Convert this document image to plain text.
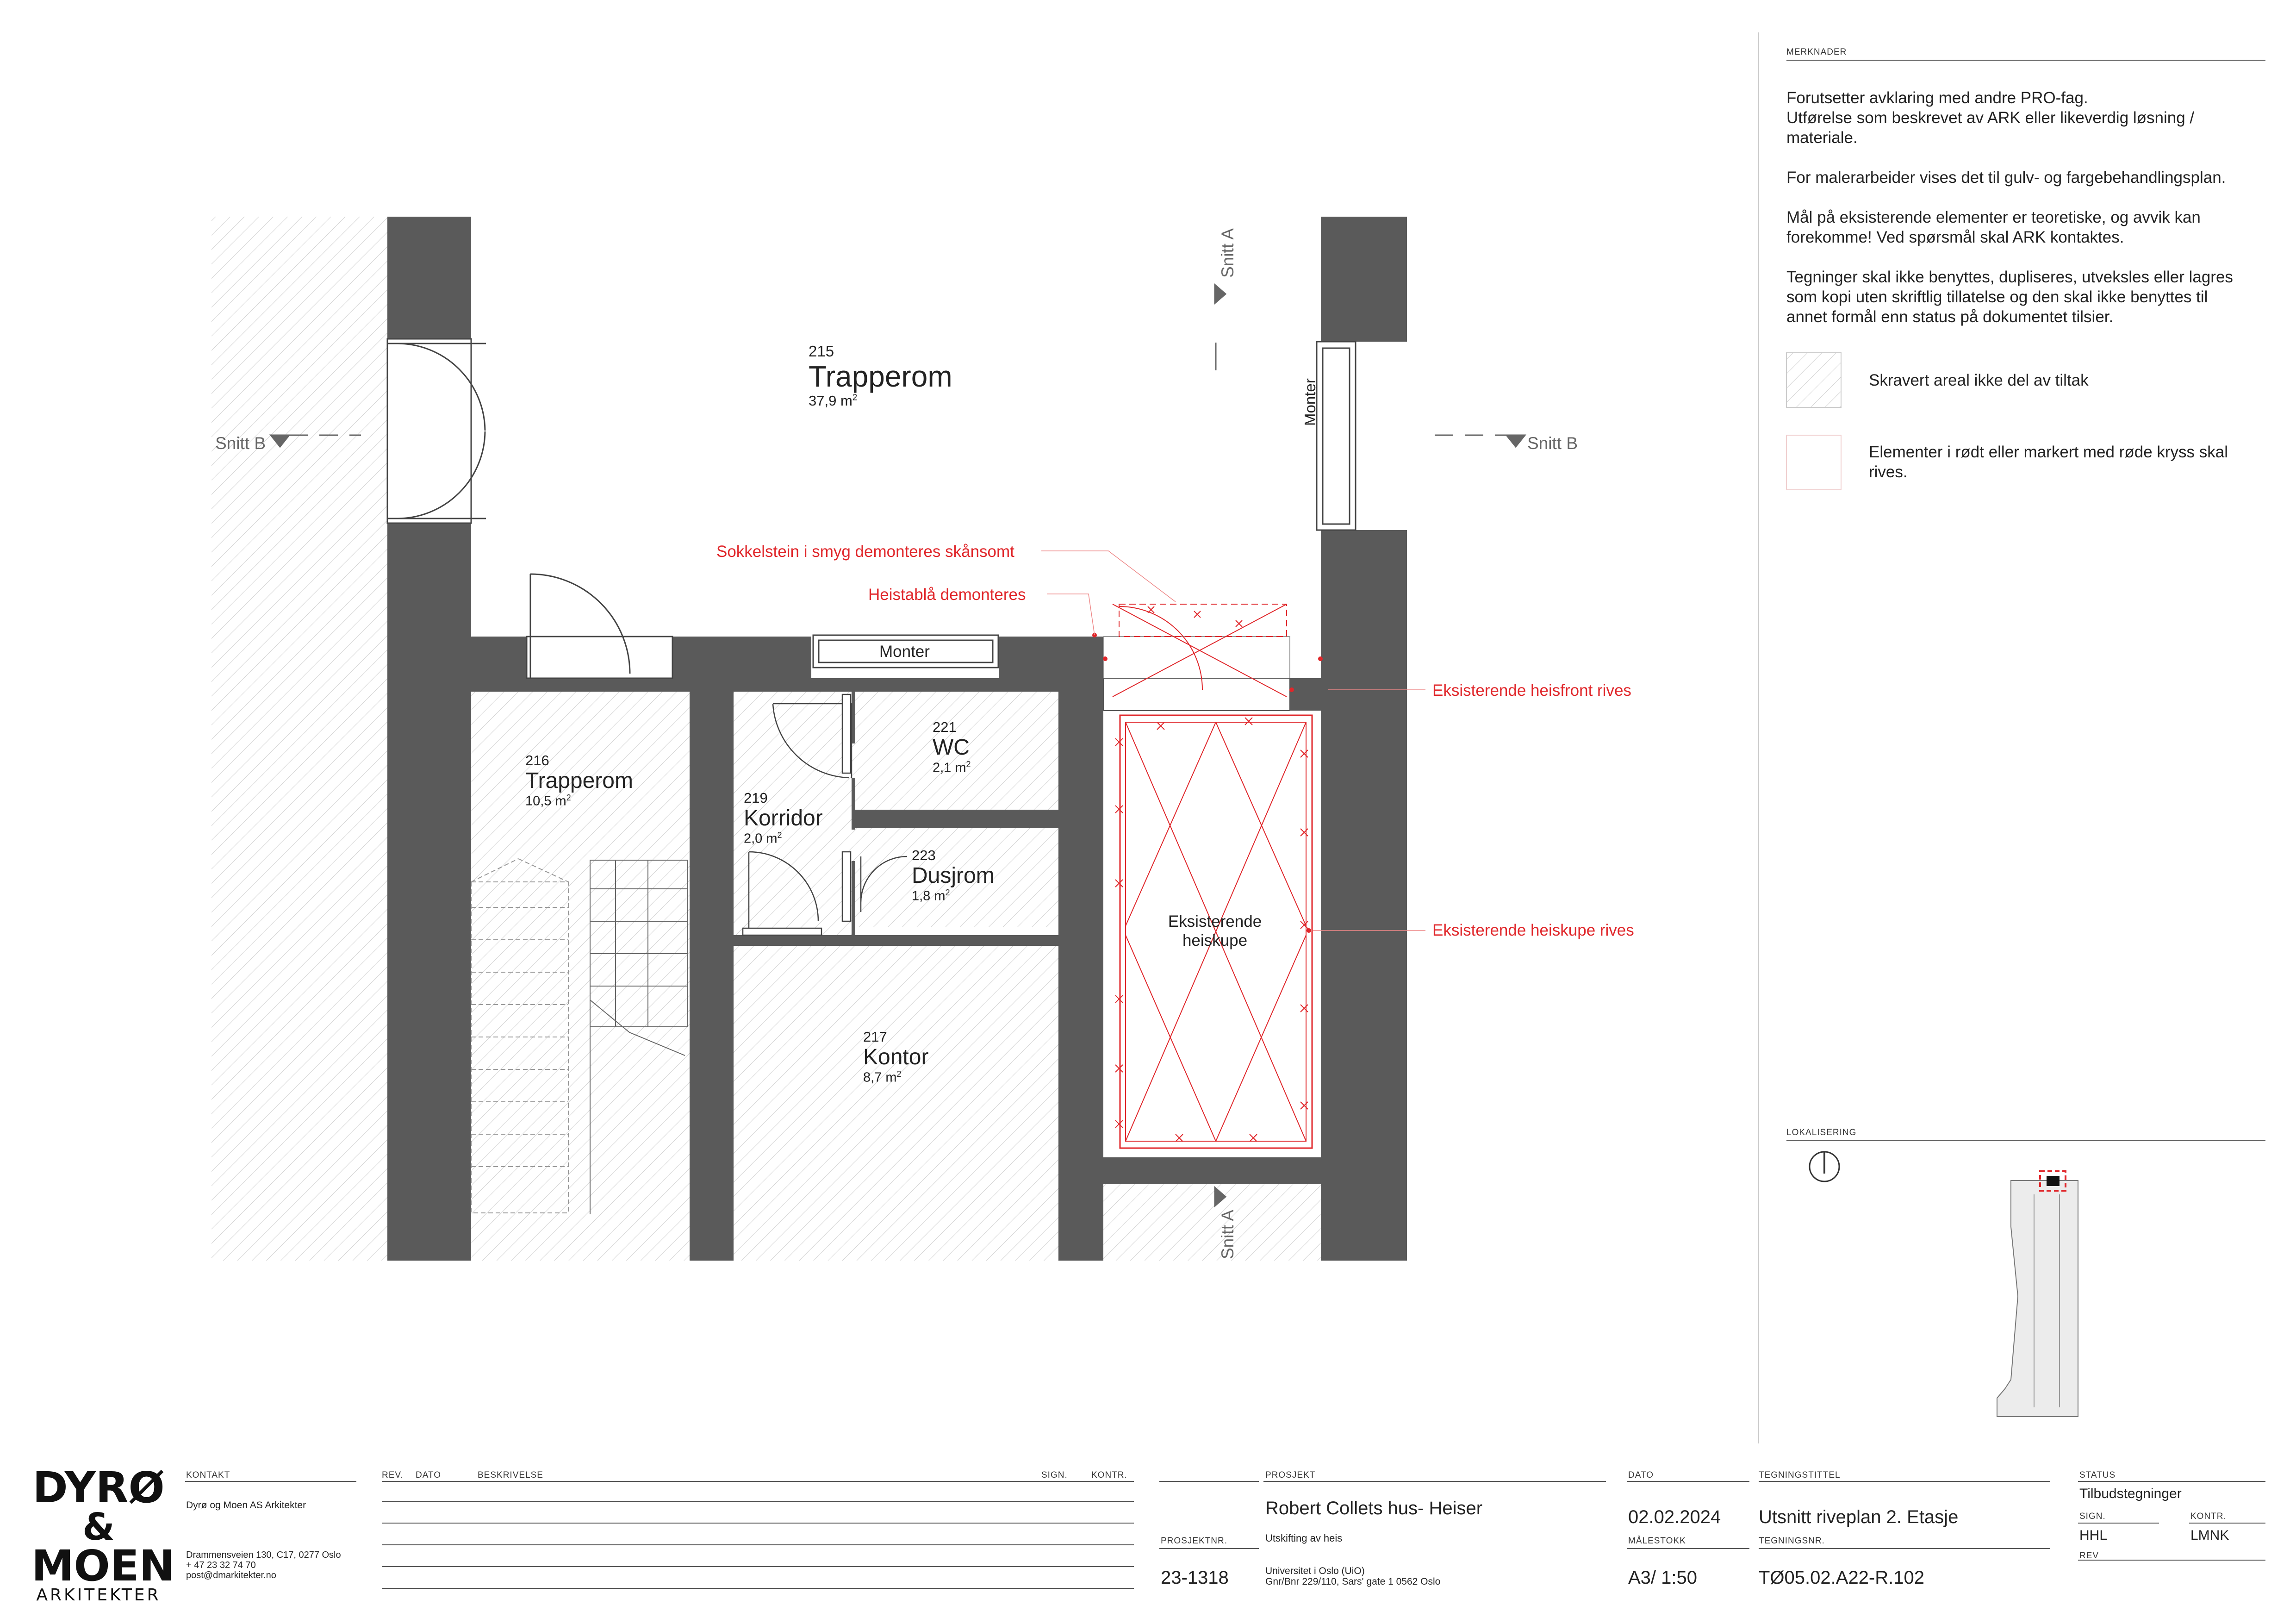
215
Trapperom
37,9 $m^2$
216
Trapperom
10,5 $m^2$
221
WC
2,1 $m^2$
219
Korridor
2,0 $m^2$
223
Dusjrom
1,8 $m^2$
217
Kontor
8,7 $m^2$
Monter
Monter
Eksisterende
heiskupe
Snitt B	Snitt B
Snitt A
Snitt A
Sokkelstein i smyg demonteres skånsomt
Heistablå demonteres
Eksisterende heisfront rives
Eksisterende heiskupe rives
MERKNADER
Forutsetter avklaring med andre PRO-fag.
Utførelse som beskrevet av ARK eller likeverdig løsning /
materiale.
For malerarbeider vises det til gulv- og fargebehandlingsplan.
Mål på eksisterende elementer er teoretiske, og avvik kan
forekomme! Ved spørsmål skal ARK kontaktes.
Tegninger skal ikke benyttes, dupliseres, utveksles eller lagres
som kopi uten skriftlig tillatelse og den skal ikke benyttes til
annet formål enn status på dokumentet tilsier.
Skravert areal ikke del av tiltak
Elementer i rødt eller markert med røde kryss skal
rives.
LOKALISERING
DYRØ
&
MOEN
ARKITEKTER
KONTAKT
Dyrø og Moen AS Arkitekter
Drammensveien 130, C17, 0277 Oslo
+ 47 23 32 74 70
post@dmarkitekter.no
REV. DATO	BESKRIVELSE	SIGN.	KONTR.
PROSJEKTNR.
23-1318
PROSJEKT
Robert Collets hus- Heiser
Utskifting av heis
Universitet i Oslo (UiO)
Gnr/Bnr 229/110, Sars' gate 1 0562 Oslo
DATO
02.02.2024
MÅLESTOKK
A3/ 1:50
TEGNINGSTITTEL
Utsnitt riveplan 2. Etasje
TEGNINGSNR.
TØ05.02.A22-R.102
STATUS
Tilbudstegninger
SIGN.
HHL
KONTR.
LMNK
REV
